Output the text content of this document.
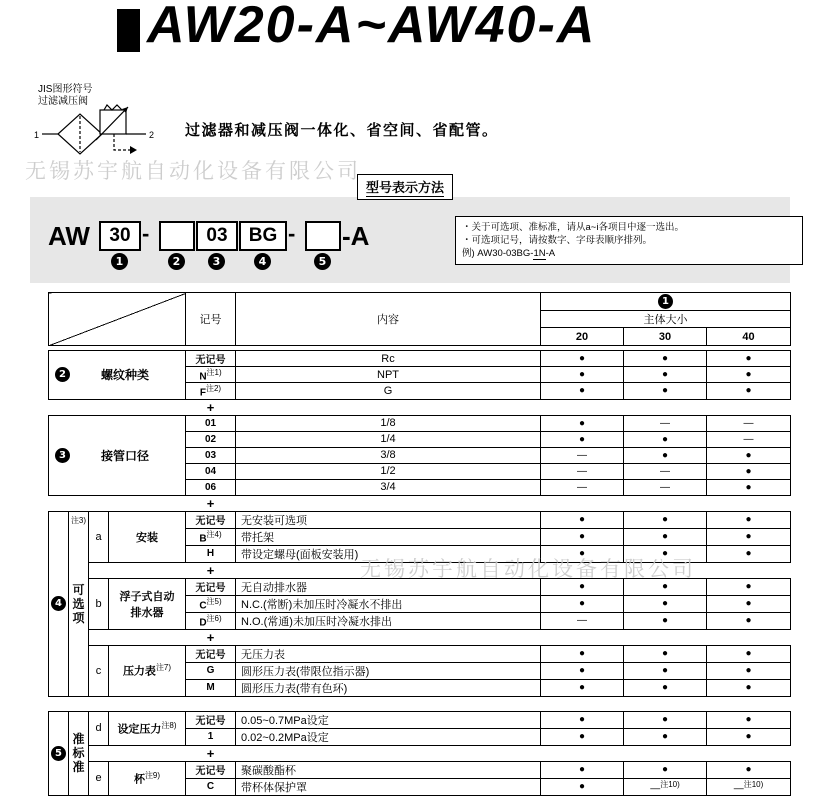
AW20-A~AW40-A
JIS图形符号
过滤减压阀
1	2 过滤器和减压阀一体化、省空间、省配管。
型号表示方法
AW	30 -	03	BG - -A
1	2	3	4	5
・关于可选项、准标准，请从a~i各项目中逐一选出。
・可选项记号，请按数字、字母表顺序排列。
例) AW30-03BG-1N-A
				记号	内容	1		
						主体大小		
						20	30	40

2 螺纹种类				无记号	Rc	●	●	●
				N$^{注1)}$	NPT	●	●	●
				F$^{注2)}$	G	●	●	●
				+				

3 接管口径				01	1/8	●	—	—
				02	1/4	●	●	—
				03	3/8	—	●	●
				04	1/2	—	—	●
				06	3/4	—	—	●
				+				
4	注3)
可
选
项	a	安装	无记号	无安装可选项	●	●	●
				B$^{注4)}$	带托架	●	●	●
				H	带设定螺母(面板安装用)	●	●	●
				+				
		b	浮子式自动排水器	无记号	无自动排水器	●	●	●
				C$^{注5)}$	N.C.(常断)未加压时冷凝水不排出	●	●	●
				D$^{注6)}$	N.O.(常通)未加压时冷凝水排出	—	●	●
				+				
		c	压力表$^{注7)}$	无记号	无压力表	●	●	●
				G	圆形压力表(带限位指示器)	●	●	●
				M	圆形压力表(带有色环)	●	●	●

5	准
标
准	d	设定压力$^{注8)}$	无记号	0.05~0.7MPa设定	●	●	●
				1	0.02~0.2MPa设定	●	●	●
				+				
		e	杯$^{注9)}$	无记号	聚碳酸酯杯	●	●	●
				C	带杯体保护罩	●	—$^{注10)}$	—$^{注10)}$
无锡苏宇航自动化设备有限公司
无锡苏宇航自动化设备有限公司
